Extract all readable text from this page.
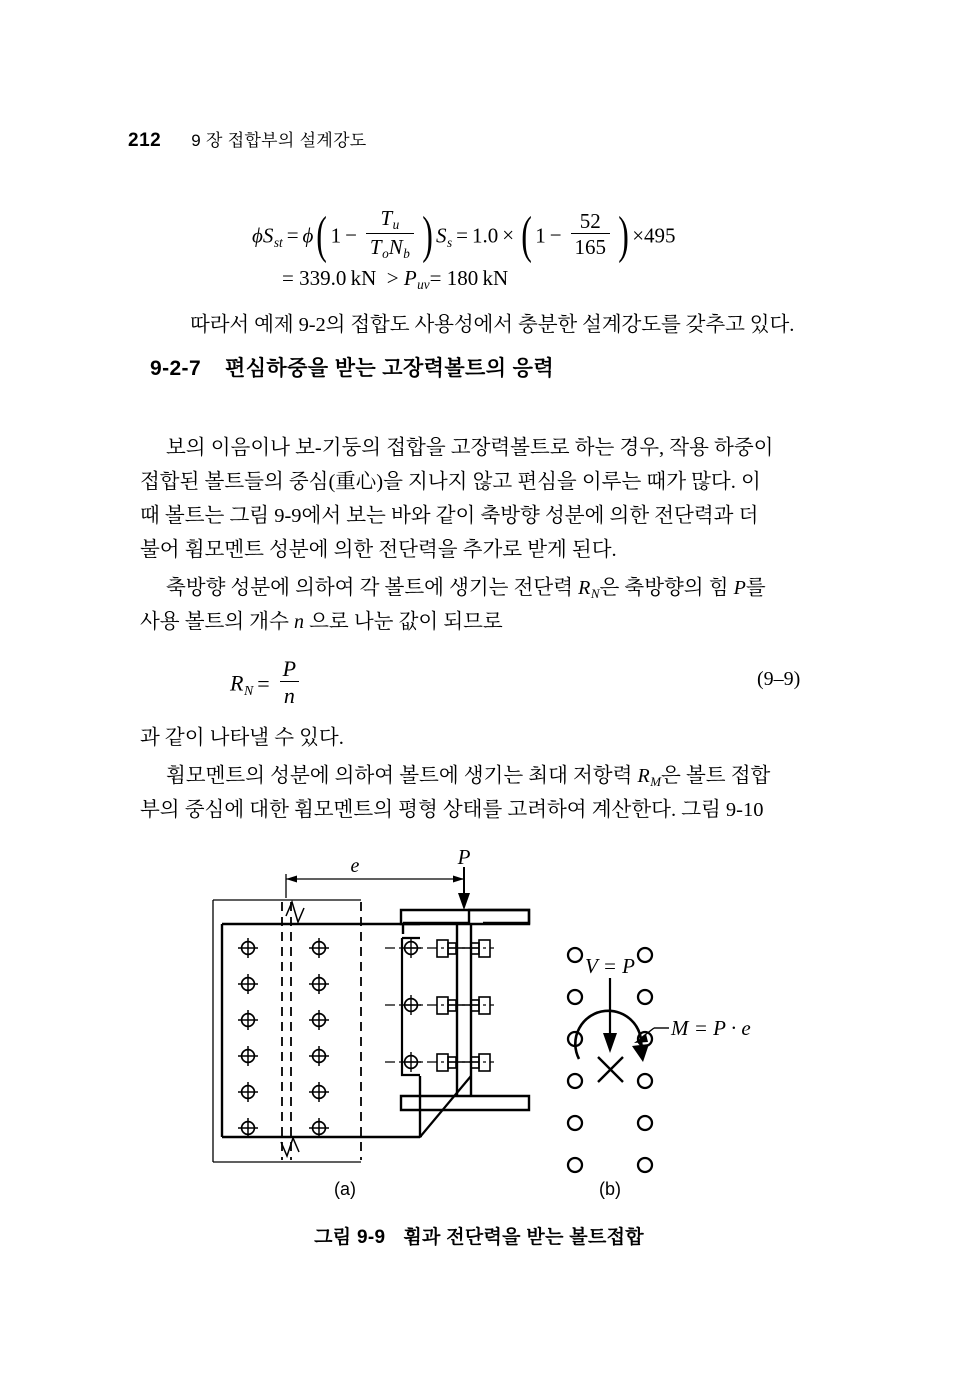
212 9 장 접합부의 설계강도
$\phi S_{st} = \phi$( $1 - \frac{T_u}{T_oN_b}$ ) $S_s = 1.0$ × ( $1 - \frac{52}{165}$ ) ×495
= 339.0  kN > $P_{uv}= 180$  kN
따라서 예제 9-2의 접합도 사용성에서 충분한 설계강도를 갖추고 있다.
9-2-7 편심하중을 받는 고장력볼트의 응력
보의 이음이나 보-기둥의 접합을 고장력볼트로 하는 경우, 작용 하중이
접합된 볼트들의 중심(重心)을 지나지 않고 편심을 이루는 때가 많다. 이
때 볼트는 그림 9-9에서 보는 바와 같이 축방향 성분에 의한 전단력과 더
불어 휨모멘트 성분에 의한 전단력을 추가로 받게 된다.
축방향 성분에 의하여 각 볼트에 생기는 전단력 $R_N$은 축방향의 힘 P를
사용 볼트의 개수 n 으로 나눈 값이 되므로
$R_N = \frac{P}{n}$	(9–9)
과 같이 나타낼 수 있다.
휨모멘트의 성분에 의하여 볼트에 생기는 최대 저항력 $R_M$은 볼트 접합
부의 중심에 대한 휨모멘트의 평형 상태를 고려하여 계산한다. 그림 9-10
e	P
(a)
V = P
M = P · e
(b)
그림 9-9 휨과 전단력을 받는 볼트접합
